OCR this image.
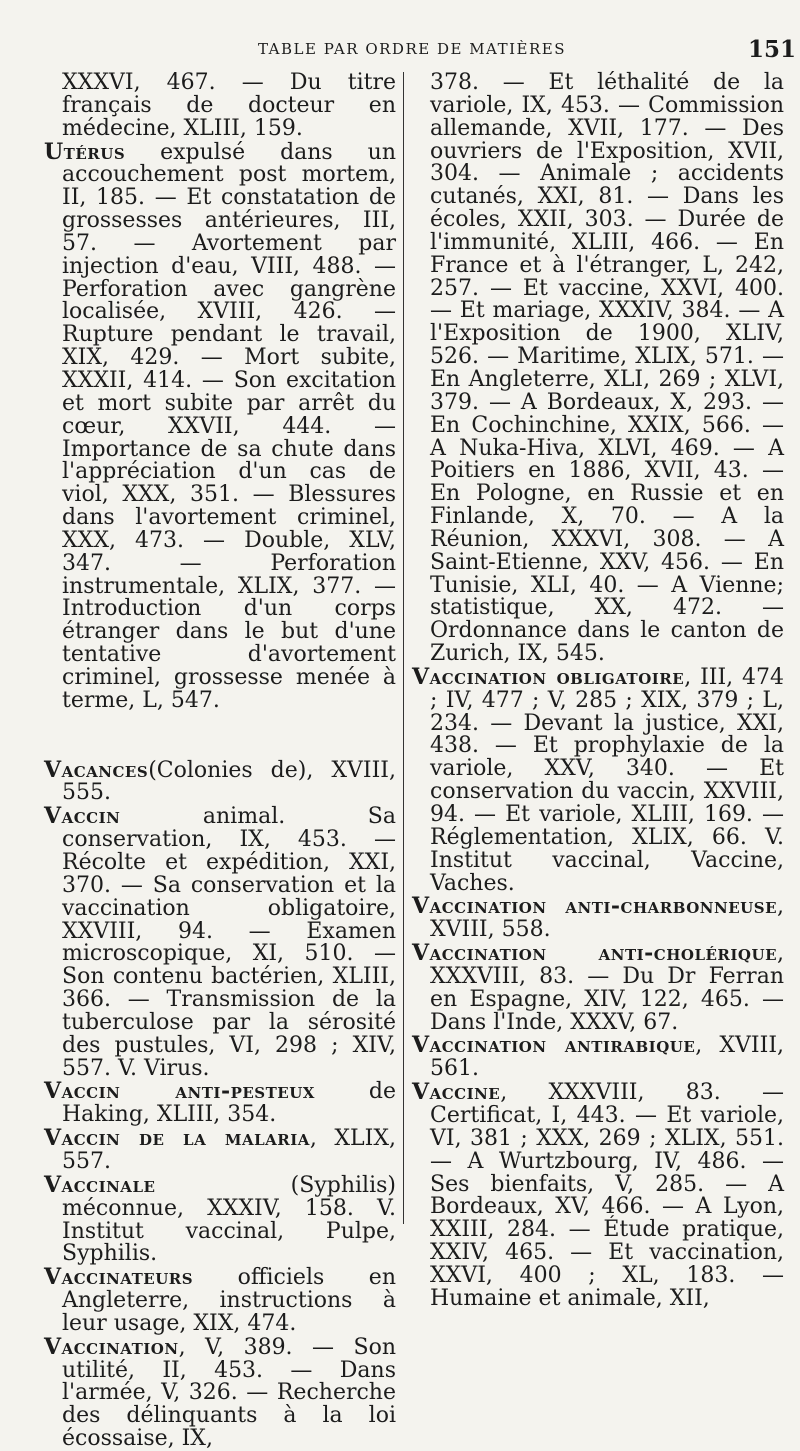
TABLE PAR ORDRE DE MATIÈRES	151

XXXVI, 467. — Du titre français de docteur en médecine, XLIII, 159.

Utérus expulsé dans un accouchement post mortem, II, 185. — Et constatation de grossesses antérieures, III, 57. — Avortement par injection d'eau, VIII, 488. — Perforation avec gangrène localisée, XVIII, 426. — Rupture pendant le travail, XIX, 429. — Mort subite, XXXII, 414. — Son excitation et mort subite par arrêt du cœur, XXVII, 444. — Importance de sa chute dans l'appréciation d'un cas de viol, XXX, 351. — Blessures dans l'avortement criminel, XXX, 473. — Double, XLV, 347. — Perforation instrumentale, XLIX, 377. — Introduction d'un corps étranger dans le but d'une tentative d'avortement criminel, grossesse menée à terme, L, 547.

Vacances(Colonies de), XVIII, 555.

Vaccin animal. Sa conservation, IX, 453. — Récolte et expédition, XXI, 370. — Sa conservation et la vaccination obligatoire, XXVIII, 94. — Examen microscopique, XI, 510. — Son contenu bactérien, XLIII, 366. — Transmission de la tuberculose par la sérosité des pustules, VI, 298 ; XIV, 557. V. Virus.

Vaccin anti-pesteux de Haking, XLIII, 354.

Vaccin de la malaria, XLIX, 557.

Vaccinale (Syphilis) méconnue, XXXIV, 158. V. Institut vaccinal, Pulpe, Syphilis.

Vaccinateurs officiels en Angleterre, instructions à leur usage, XIX, 474.

Vaccination, V, 389. — Son utilité, II, 453. — Dans l'armée, V, 326. — Recherche des délinquants à la loi écossaise, IX,

378. — Et léthalité de la variole, IX, 453. — Commission allemande, XVII, 177. — Des ouvriers de l'Exposition, XVII, 304. — Animale ; accidents cutanés, XXI, 81. — Dans les écoles, XXII, 303. — Durée de l'immunité, XLIII, 466. — En France et à l'étranger, L, 242, 257. — Et vaccine, XXVI, 400. — Et mariage, XXXIV, 384. — A l'Exposition de 1900, XLIV, 526. — Maritime, XLIX, 571. — En Angleterre, XLI, 269 ; XLVI, 379. — A Bordeaux, X, 293. — En Cochinchine, XXIX, 566. — A Nuka-Hiva, XLVI, 469. — A Poitiers en 1886, XVII, 43. — En Pologne, en Russie et en Finlande, X, 70. — A la Réunion, XXXVI, 308. — A Saint-Etienne, XXV, 456. — En Tunisie, XLI, 40. — A Vienne; statistique, XX, 472. — Ordonnance dans le canton de Zurich, IX, 545.

Vaccination obligatoire, III, 474 ; IV, 477 ; V, 285 ; XIX, 379 ; L, 234. — Devant la justice, XXI, 438. — Et prophylaxie de la variole, XXV, 340. — Et conservation du vaccin, XXVIII, 94. — Et variole, XLIII, 169. — Réglementation, XLIX, 66. V. Institut vaccinal, Vaccine, Vaches.

Vaccination anti-charbonneuse, XVIII, 558.

Vaccination anti-cholérique, XXXVIII, 83. — Du Dr Ferran en Espagne, XIV, 122, 465. — Dans l'Inde, XXXV, 67.

Vaccination antirabique, XVIII, 561.

Vaccine, XXXVIII, 83. — Certificat, I, 443. — Et variole, VI, 381 ; XXX, 269 ; XLIX, 551. — A Wurtzbourg, IV, 486. — Ses bienfaits, V, 285. — A Bordeaux, XV, 466. — A Lyon, XXIII, 284. — Étude pratique, XXIV, 465. — Et vaccination, XXVI, 400 ; XL, 183. — Humaine et animale, XII,
